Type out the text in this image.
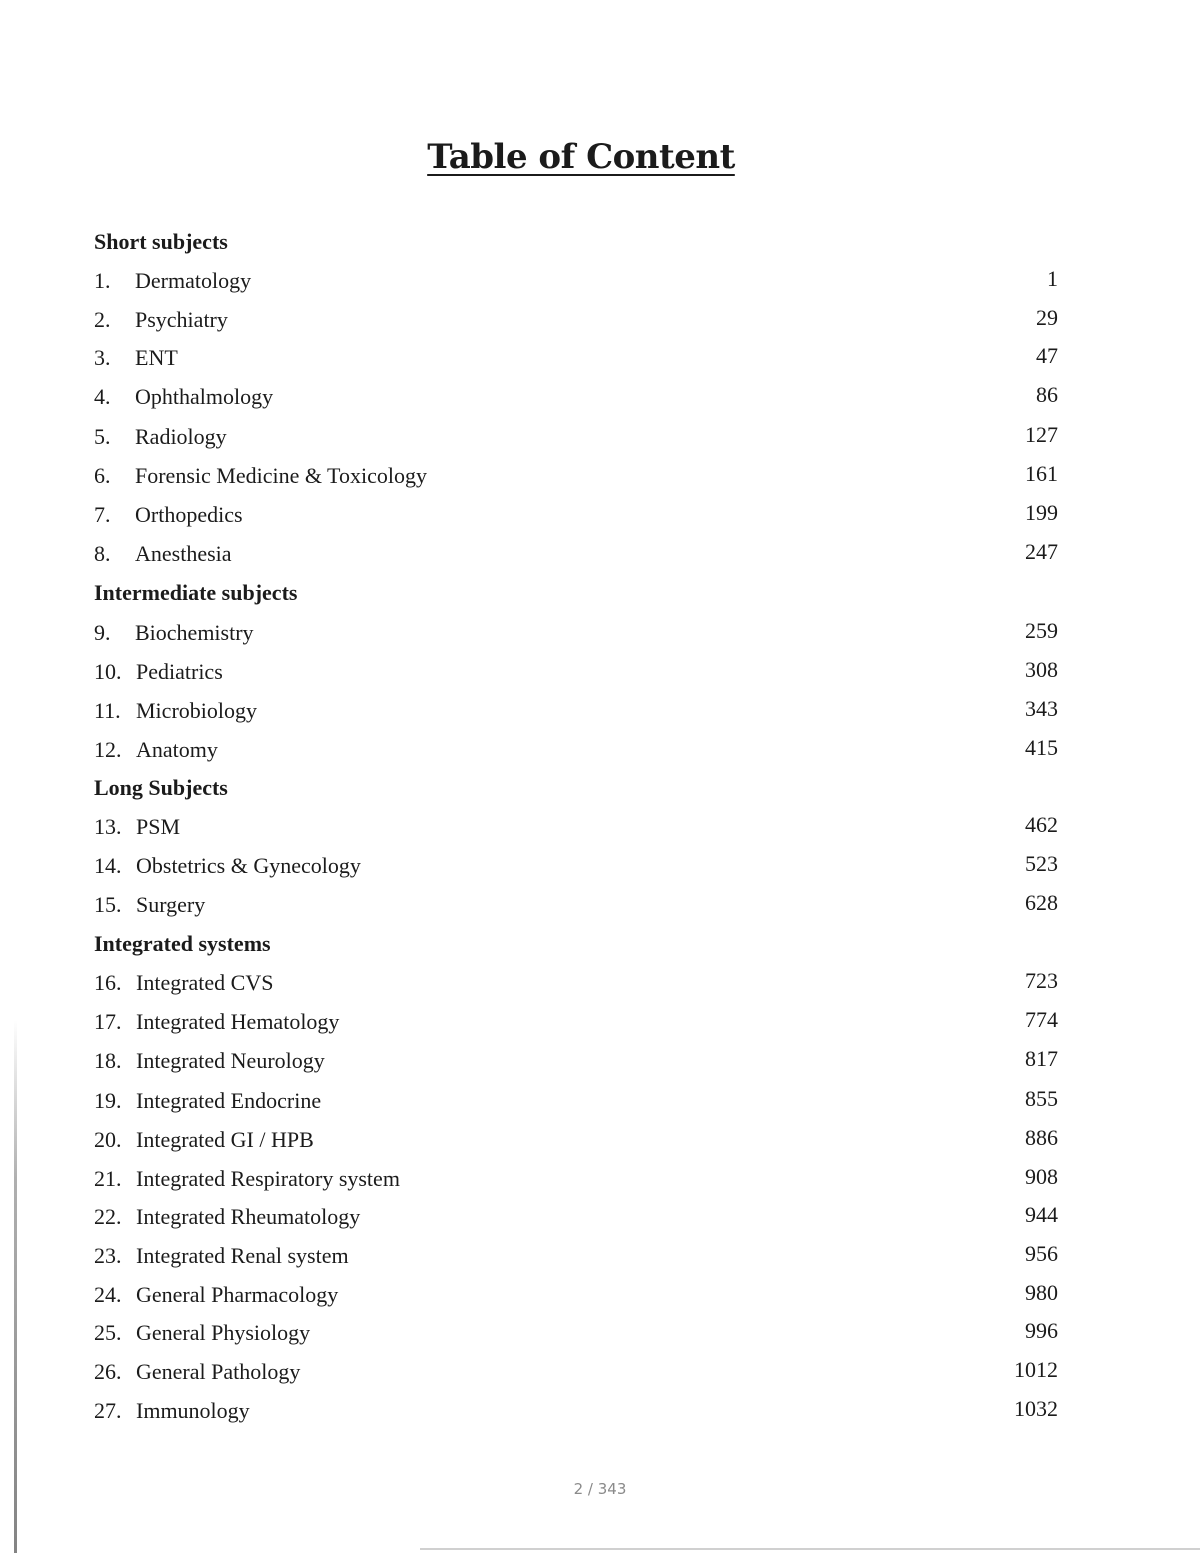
Table of Content
Short subjects
1. Dermatology	1
2. Psychiatry	29
3. ENT	47
4. Ophthalmology	86
5. Radiology	127
6. Forensic Medicine & Toxicology	161
7. Orthopedics	199
8. Anesthesia	247
Intermediate subjects
9. Biochemistry	259
10. Pediatrics	308
11. Microbiology	343
12. Anatomy	415
Long Subjects
13. PSM	462
14. Obstetrics & Gynecology	523
15. Surgery	628
Integrated systems
16. Integrated CVS	723
17. Integrated Hematology	774
18. Integrated Neurology	817
19. Integrated Endocrine	855
20. Integrated GI / HPB	886
21. Integrated Respiratory system	908
22. Integrated Rheumatology	944
23. Integrated Renal system	956
24. General Pharmacology	980
25. General Physiology	996
26. General Pathology	1012
27. Immunology	1032
2 / 343
